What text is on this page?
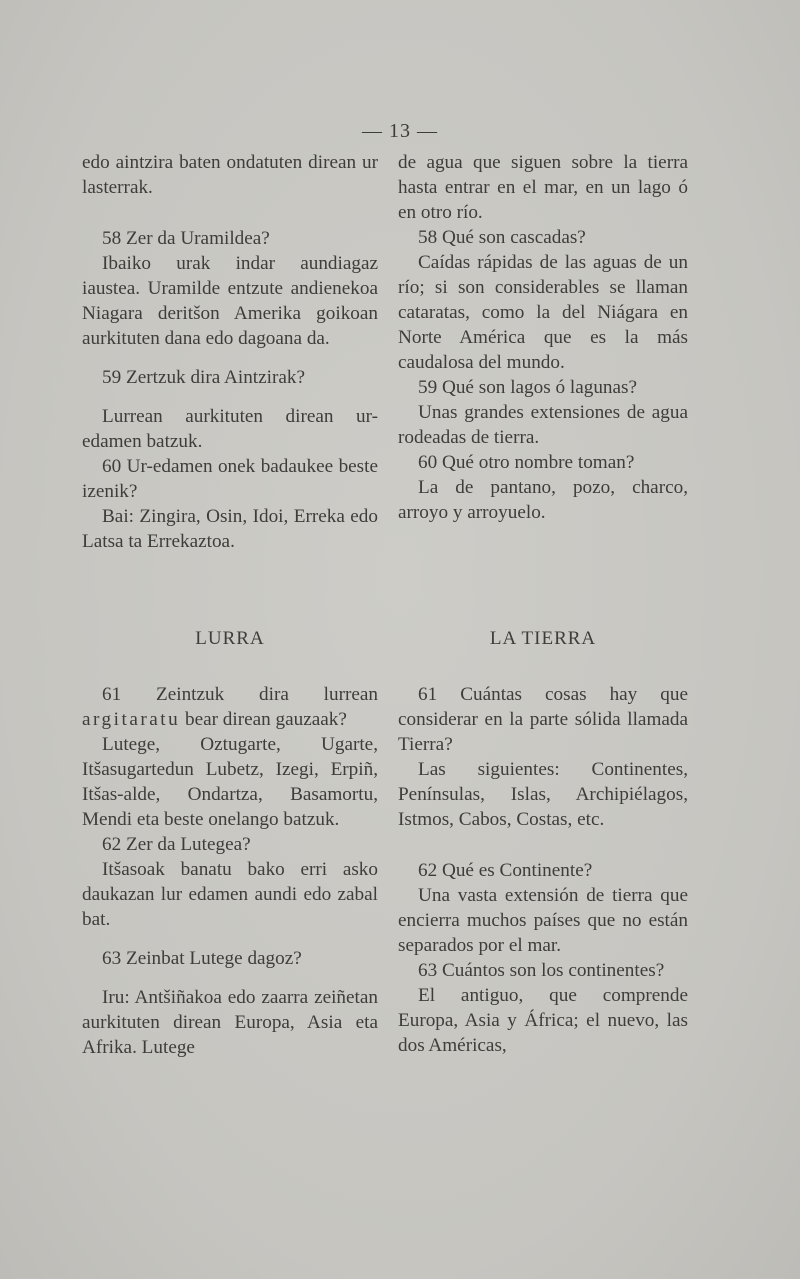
— 13 —

edo aintzira baten ondatuten direan ur lasterrak.

58 Zer da Uramildea?

Ibaiko urak indar aundiagaz iaustea. Uramilde entzute andienekoa Niagara deritšon Amerika goikoan aurkituten dana edo dagoana da.

59 Zertzuk dira Aintzirak?

Lurrean aurkituten direan ur-edamen batzuk.

60 Ur-edamen onek badaukee beste izenik?

Bai: Zingira, Osin, Idoi, Erreka edo Latsa ta Errekaztoa.

de agua que siguen sobre la tierra hasta entrar en el mar, en un lago ó en otro río.

58 Qué son cascadas?

Caídas rápidas de las aguas de un río; si son considerables se llaman cataratas, como la del Niágara en Norte América que es la más caudalosa del mundo.

59 Qué son lagos ó lagunas?

Unas grandes extensiones de agua rodeadas de tierra.

60 Qué otro nombre toman?

La de pantano, pozo, charco, arroyo y arroyuelo.

LURRA	LA TIERRA

61 Zeintzuk dira lurrean argitaratu bear direan gauzaak?

Lutege, Oztugarte, Ugarte, Itšasugartedun Lubetz, Izegi, Erpiñ, Itšas-alde, Ondartza, Basamortu, Mendi eta beste onelango batzuk.

62 Zer da Lutegea?

Itšasoak banatu bako erri asko daukazan lur edamen aundi edo zabal bat.

63 Zeinbat Lutege dagoz?

Iru: Antšiñakoa edo zaarra zeiñetan aurkituten direan Europa, Asia eta Afrika. Lutege

61 Cuántas cosas hay que considerar en la parte sólida llamada Tierra?

Las siguientes: Continentes, Penínsulas, Islas, Archipiélagos, Istmos, Cabos, Costas, etc.

62 Qué es Continente?

Una vasta extensión de tierra que encierra muchos países que no están separados por el mar.

63 Cuántos son los continentes?

El antiguo, que comprende Europa, Asia y África; el nuevo, las dos Américas,
